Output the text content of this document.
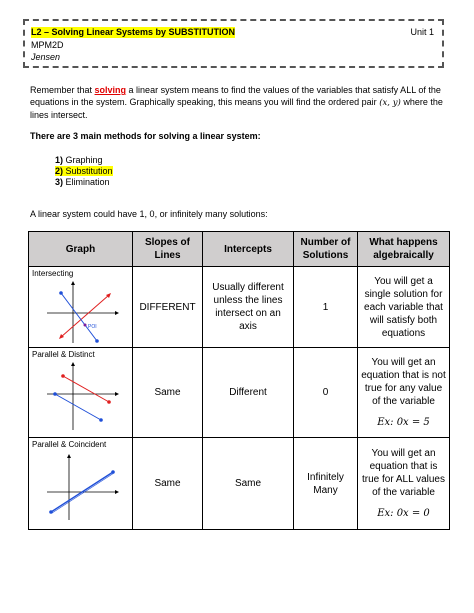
L2 – Solving Linear Systems by SUBSTITUTION	Unit 1
MPM2D
Jensen
Remember that solving a linear system means to find the values of the variables that satisfy ALL of the equations in the system. Graphically speaking, this means you will find the ordered pair (x, y) where the lines intersect.
There are 3 main methods for solving a linear system:
1) Graphing
2) Substitution
3) Elimination
A linear system could have 1, 0, or infinitely many solutions:
Graph	Slopes of Lines	Intercepts	Number of Solutions	What happens algebraically

Intersecting
POI	DIFFERENT	Usually different unless the lines intersect on an axis	1	You will get a single solution for each variable that will satisfy both equations

Parallel & Distinct	Same	Different	0	You will get an equation that is not true for any value of the variable
Ex: 0x = 5

Parallel & Coincident	Same	Same	Infinitely Many	You will get an equation that is true for ALL values of the variable
Ex: 0x = 0
